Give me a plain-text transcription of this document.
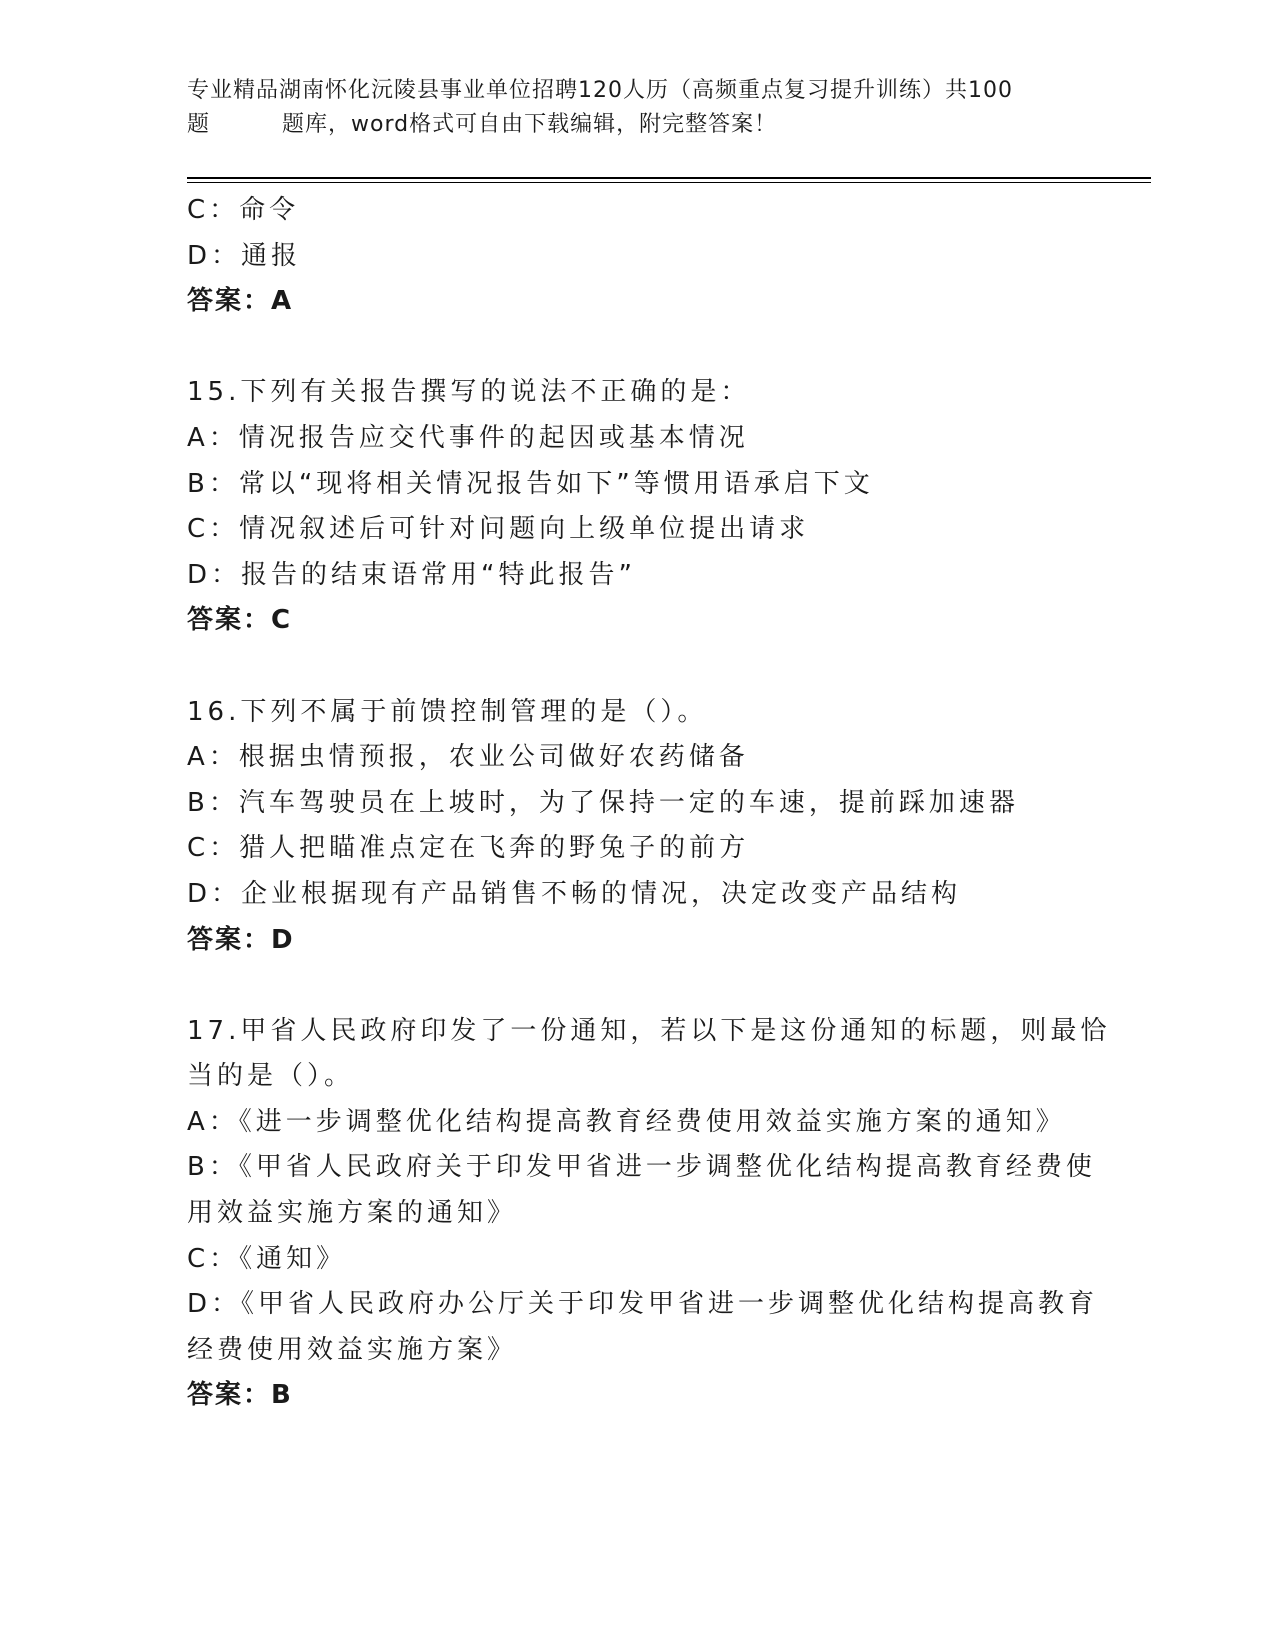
专业精品湖南怀化沅陵县事业单位招聘120人历（高频重点复习提升训练）共100
题	题库，word格式可自由下载编辑，附完整答案！
C：命令
D：通报
答案：A
15.下列有关报告撰写的说法不正确的是：
A：情况报告应交代事件的起因或基本情况
B：常以“现将相关情况报告如下”等惯用语承启下文
C：情况叙述后可针对问题向上级单位提出请求
D：报告的结束语常用“特此报告”
答案：C
16.下列不属于前馈控制管理的是（）。
A：根据虫情预报，农业公司做好农药储备
B：汽车驾驶员在上坡时，为了保持一定的车速，提前踩加速器
C：猎人把瞄准点定在飞奔的野兔子的前方
D：企业根据现有产品销售不畅的情况，决定改变产品结构
答案：D
17.甲省人民政府印发了一份通知，若以下是这份通知的标题，则最恰
当的是（）。
A：《进一步调整优化结构提高教育经费使用效益实施方案的通知》
B：《甲省人民政府关于印发甲省进一步调整优化结构提高教育经费使
用效益实施方案的通知》
C：《通知》
D：《甲省人民政府办公厅关于印发甲省进一步调整优化结构提高教育
经费使用效益实施方案》
答案：B
